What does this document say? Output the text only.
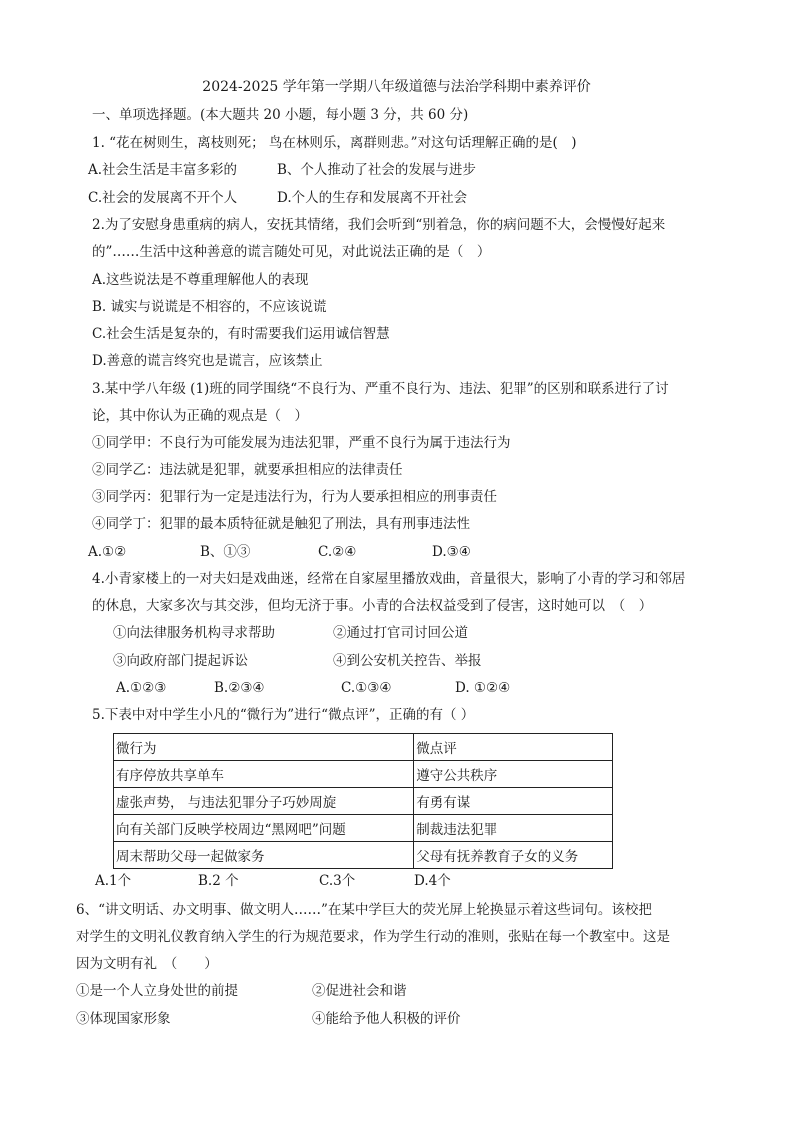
2024-2025 学年第一学期八年级道德与法治学科期中素养评价
一、单项选择题。(本大题共 20 小题，每小题 3 分，共 60 分)
1. “花在树则生，离枝则死； 鸟在林则乐，离群则悲。”对这句话理解正确的是(　)
A.社会生活是丰富多彩的	B、个人推动了社会的发展与进步
C.社会的发展离不开个人	D.个人的生存和发展离不开社会
2.为了安慰身患重病的病人，安抚其情绪，我们会听到“别着急，你的病问题不大，会慢慢好起来
的”……生活中这种善意的谎言随处可见，对此说法正确的是（　）
A.这些说法是不尊重理解他人的表现
B. 诚实与说谎是不相容的，不应该说谎
C.社会生活是复杂的，有时需要我们运用诚信智慧
D.善意的谎言终究也是谎言，应该禁止
3.某中学八年级 (1)班的同学围绕“不良行为、严重不良行为、违法、犯罪”的区别和联系进行了讨
论，其中你认为正确的观点是（　）
①同学甲：不良行为可能发展为违法犯罪，严重不良行为属于违法行为
②同学乙：违法就是犯罪，就要承担相应的法律责任
③同学丙：犯罪行为一定是违法行为，行为人要承担相应的刑事责任
④同学丁：犯罪的最本质特征就是触犯了刑法，具有刑事违法性
A.①②	B、①③	C.②④	D.③④
4.小青家楼上的一对夫妇是戏曲迷，经常在自家屋里播放戏曲，音量很大，影响了小青的学习和邻居
的休息，大家多次与其交涉，但均无济于事。小青的合法权益受到了侵害，这时她可以　（　）
①向法律服务机构寻求帮助	②通过打官司讨回公道
③向政府部门提起诉讼	④到公安机关控告、举报
A.①②③	B.②③④	C.①③④	D. ①②④
5.下表中对中学生小凡的“微行为”进行“微点评”，正确的有（ ）
微行为	微点评
有序停放共享单车	遵守公共秩序
虚张声势， 与违法犯罪分子巧妙周旋	有勇有谋
向有关部门反映学校周边“黑网吧”问题	制裁违法犯罪
周末帮助父母一起做家务	父母有抚养教育子女的义务
A.1个	B.2 个	C.3个	D.4个
6、“讲文明话、办文明事、做文明人……”在某中学巨大的荧光屏上轮换显示着这些词句。该校把
对学生的文明礼仪教育纳入学生的行为规范要求，作为学生行动的准则，张贴在每一个教室中。这是
因为文明有礼　（　　）
①是一个人立身处世的前提	②促进社会和谐
③体现国家形象	④能给予他人积极的评价
